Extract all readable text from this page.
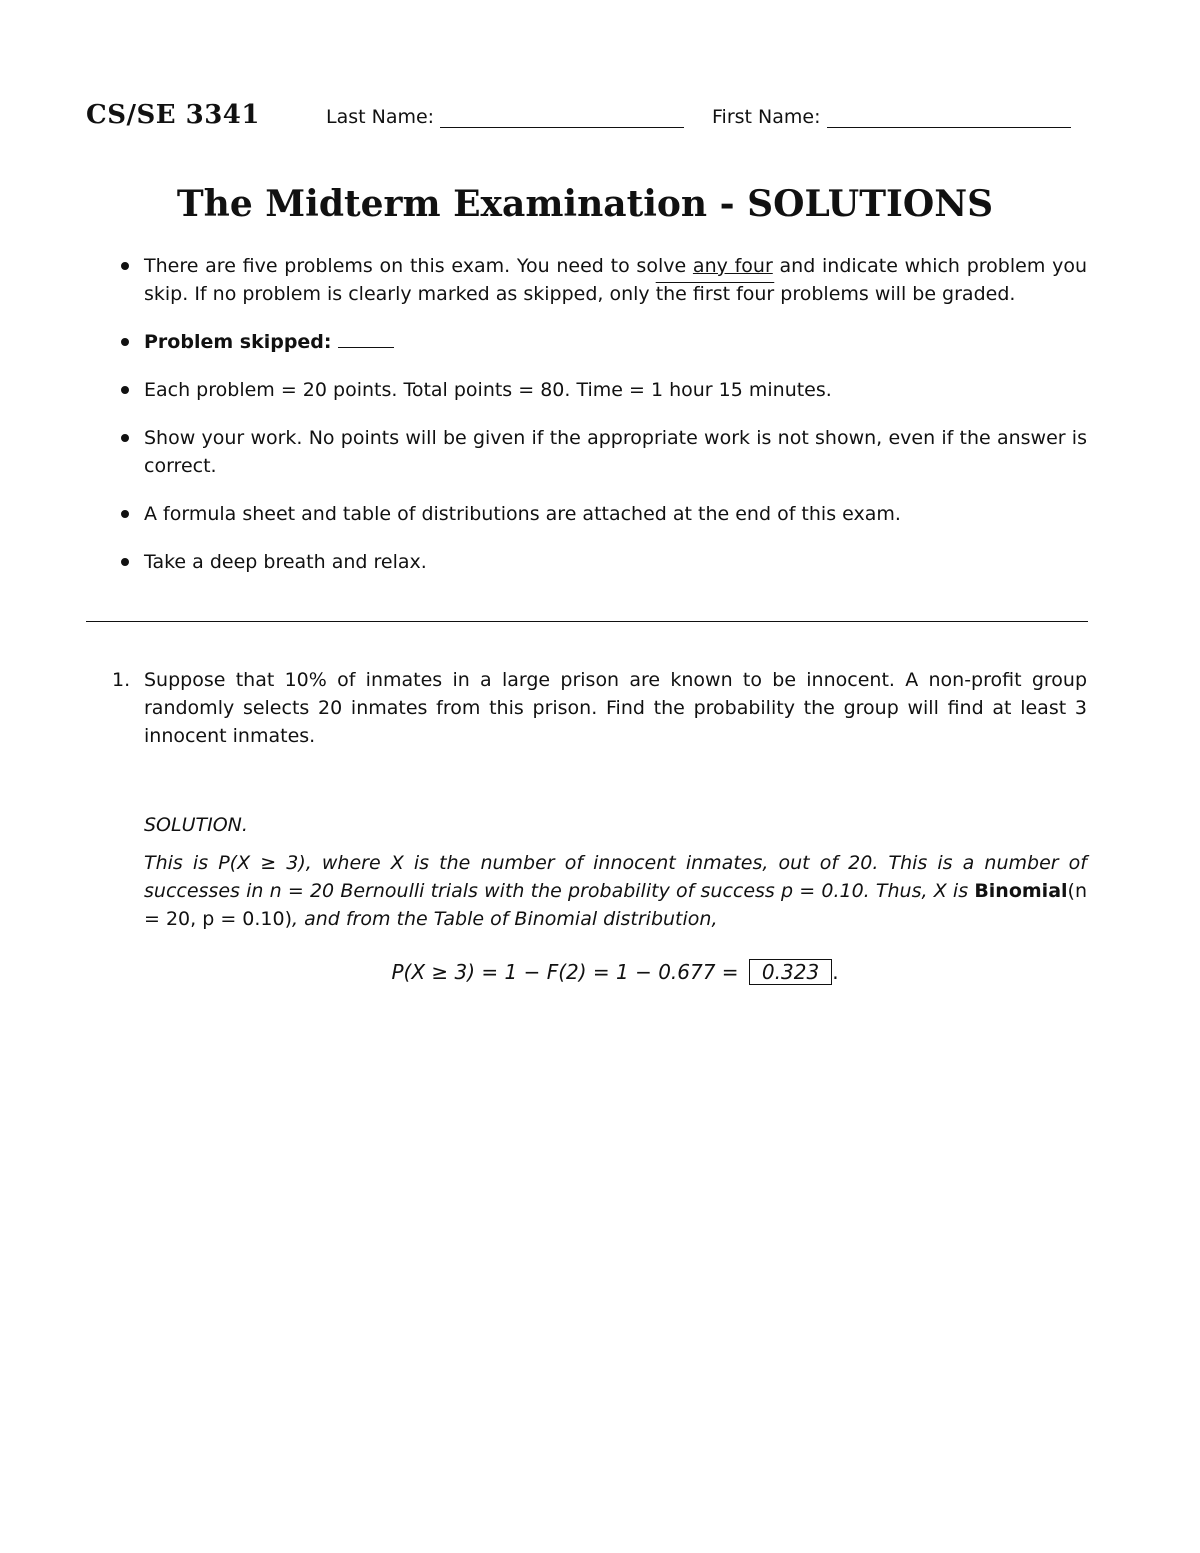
CS/SE 3341	Last Name:	First Name:
The Midterm Examination - SOLUTIONS
There are five problems on this exam. You need to solve any four and indicate which problem you skip. If no problem is clearly marked as skipped, only the first four problems will be graded.
Problem skipped:
Each problem = 20 points. Total points = 80. Time = 1 hour 15 minutes.
Show your work. No points will be given if the appropriate work is not shown, even if the answer is correct.
A formula sheet and table of distributions are attached at the end of this exam.
Take a deep breath and relax.
1. Suppose that 10% of inmates in a large prison are known to be innocent. A non-profit group randomly selects 20 inmates from this prison. Find the probability the group will find at least 3 innocent inmates.
SOLUTION.
This is P(X ≥ 3), where X is the number of innocent inmates, out of 20. This is a number of successes in n = 20 Bernoulli trials with the probability of success p = 0.10. Thus, X is Binomial(n = 20, p = 0.10), and from the Table of Binomial distribution,
P(X ≥ 3) = 1 − F(2) = 1 − 0.677 = 0.323 .
